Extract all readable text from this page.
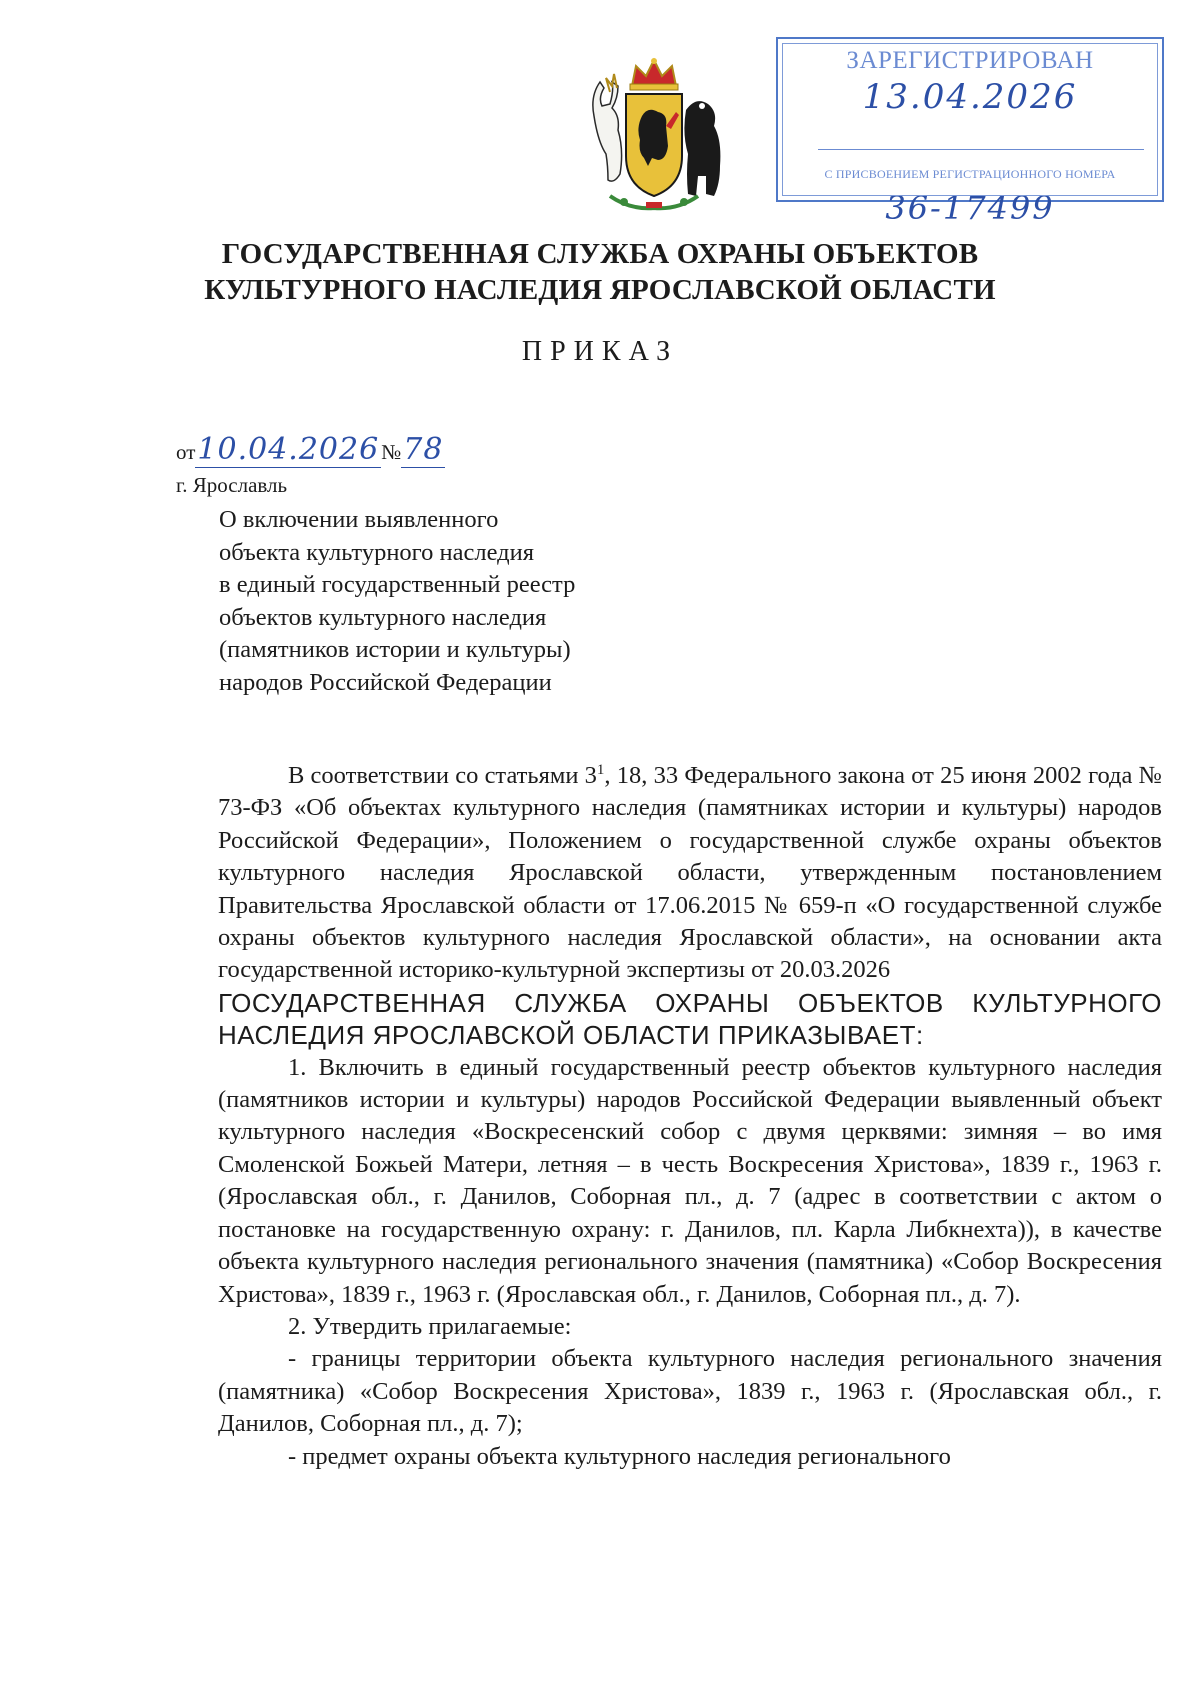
ЗАРЕГИСТРИРОВАН
13.04.2026
С ПРИСВОЕНИЕМ РЕГИСТРАЦИОННОГО НОМЕРА
36-17499
ГОСУДАРСТВЕННАЯ СЛУЖБА ОХРАНЫ ОБЪЕКТОВ
КУЛЬТУРНОГО НАСЛЕДИЯ ЯРОСЛАВСКОЙ ОБЛАСТИ
ПРИКАЗ
от10.04.2026№78
г. Ярославль
О включении выявленного
объекта культурного наследия
в единый государственный реестр
объектов культурного наследия
(памятников истории и культуры)
народов Российской Федерации

В соответствии со статьями $3^1$, 18, 33 Федерального закона от 25 июня 2002 года № 73-ФЗ «Об объектах культурного наследия (памятниках истории и культуры) народов Российской Федерации», Положением о государственной службе охраны объектов культурного наследия Ярославской области, утвержденным постановлением Правительства Ярославской области от 17.06.2015 № 659-п «О государственной службе охраны объектов культурного наследия Ярославской области», на основании акта государственной историко-культурной экспертизы от 20.03.2026

ГОСУДАРСТВЕННАЯ СЛУЖБА ОХРАНЫ ОБЪЕКТОВ КУЛЬТУРНОГО НАСЛЕДИЯ ЯРОСЛАВСКОЙ ОБЛАСТИ ПРИКАЗЫВАЕТ:

1. Включить в единый государственный реестр объектов культурного наследия (памятников истории и культуры) народов Российской Федерации выявленный объект культурного наследия «Воскресенский собор с двумя церквями: зимняя – во имя Смоленской Божьей Матери, летняя – в честь Воскресения Христова», 1839 г., 1963 г. (Ярославская обл., г. Данилов, Соборная пл., д. 7 (адрес в соответствии с актом о постановке на государственную охрану: г. Данилов, пл. Карла Либкнехта)), в качестве объекта культурного наследия регионального значения (памятника) «Собор Воскресения Христова», 1839 г., 1963 г. (Ярославская обл., г. Данилов, Соборная пл., д. 7).

2. Утвердить прилагаемые:

- границы территории объекта культурного наследия регионального значения (памятника) «Собор Воскресения Христова», 1839 г., 1963 г. (Ярославская обл., г. Данилов, Соборная пл., д. 7);

- предмет охраны объекта культурного наследия регионального
